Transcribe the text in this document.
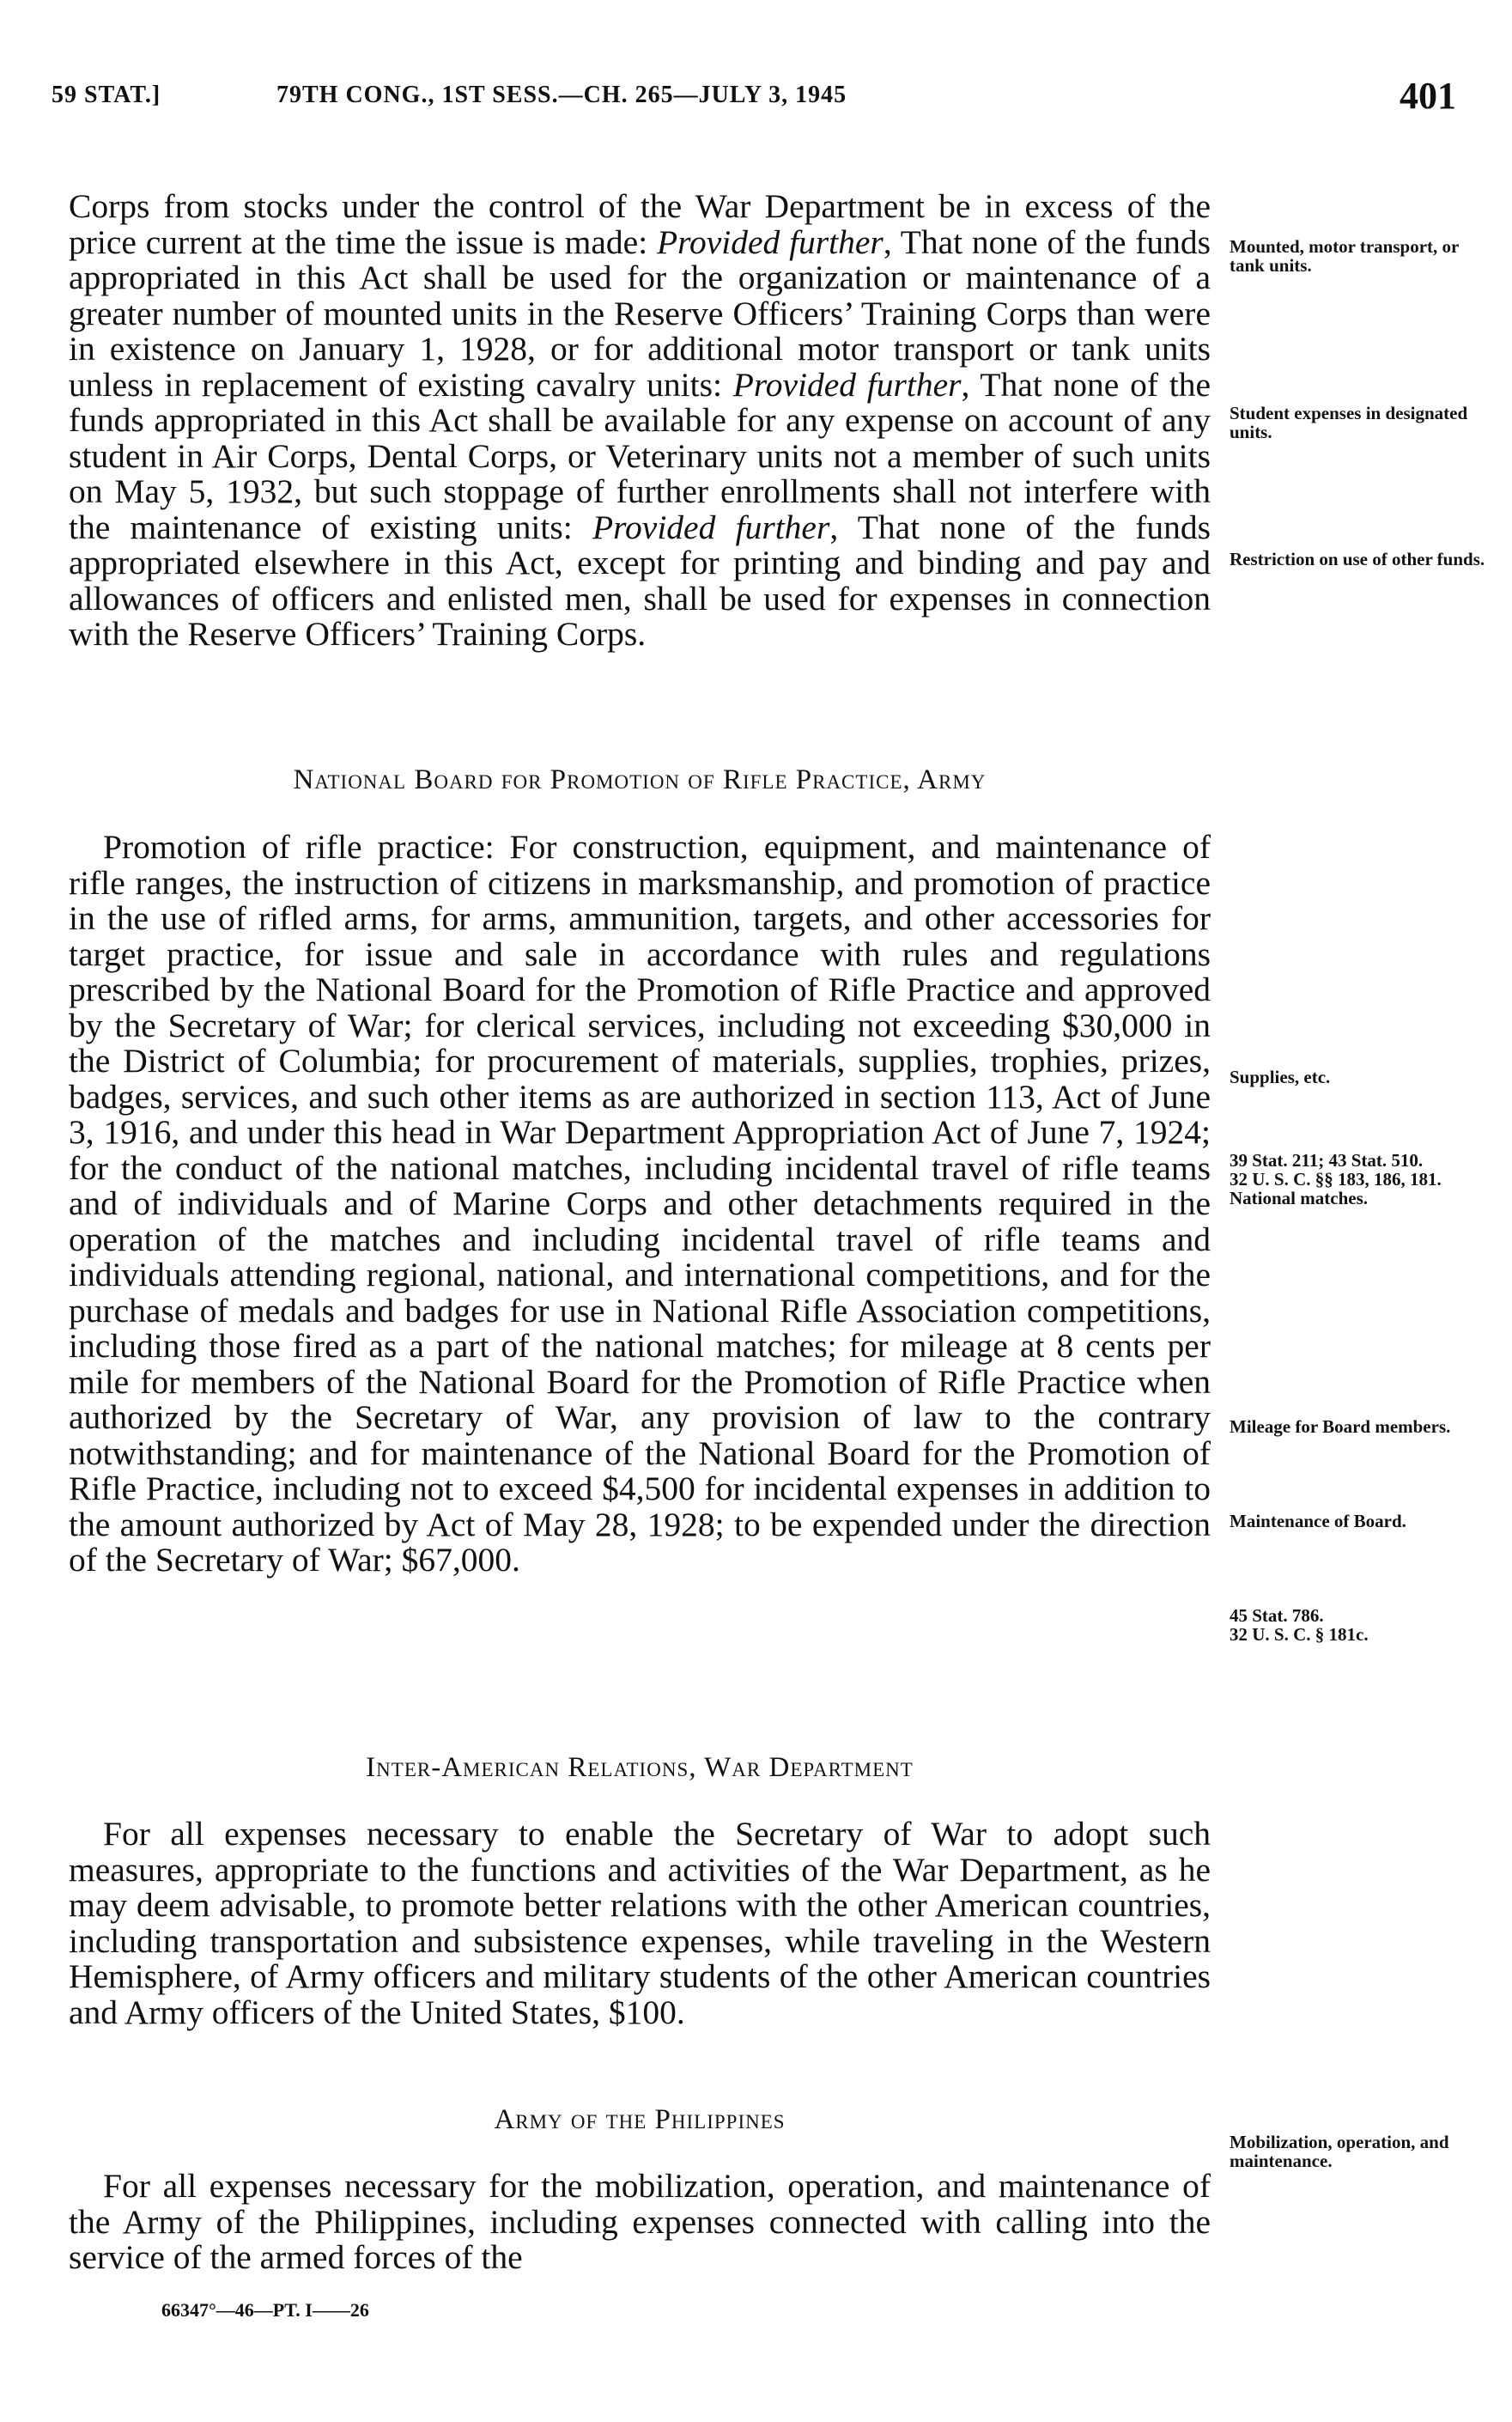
59 STAT.]	79TH CONG., 1ST SESS.—CH. 265—JULY 3, 1945	401

Corps from stocks under the control of the War Department be in excess of the price current at the time the issue is made: Provided further, That none of the funds appropriated in this Act shall be used for the organization or maintenance of a greater number of mounted units in the Reserve Officers’ Training Corps than were in existence on January 1, 1928, or for additional motor transport or tank units unless in replacement of existing cavalry units: Provided further, That none of the funds appropriated in this Act shall be available for any expense on account of any student in Air Corps, Dental Corps, or Veterinary units not a member of such units on May 5, 1932, but such stoppage of further enrollments shall not interfere with the maintenance of existing units: Provided further, That none of the funds appropriated elsewhere in this Act, except for printing and binding and pay and allowances of officers and enlisted men, shall be used for expenses in connection with the Reserve Officers’ Training Corps.

National Board for Promotion of Rifle Practice, Army

Promotion of rifle practice: For construction, equipment, and maintenance of rifle ranges, the instruction of citizens in marksmanship, and promotion of practice in the use of rifled arms, for arms, ammunition, targets, and other accessories for target practice, for issue and sale in accordance with rules and regulations prescribed by the National Board for the Promotion of Rifle Practice and approved by the Secretary of War; for clerical services, including not exceeding $30,000 in the District of Columbia; for procurement of materials, supplies, trophies, prizes, badges, services, and such other items as are authorized in section 113, Act of June 3, 1916, and under this head in War Department Appropriation Act of June 7, 1924; for the conduct of the national matches, including incidental travel of rifle teams and of individuals and of Marine Corps and other detachments required in the operation of the matches and including incidental travel of rifle teams and individuals attending regional, national, and international competitions, and for the purchase of medals and badges for use in National Rifle Association competitions, including those fired as a part of the national matches; for mileage at 8 cents per mile for members of the National Board for the Promotion of Rifle Practice when authorized by the Secretary of War, any provision of law to the contrary notwithstanding; and for maintenance of the National Board for the Promotion of Rifle Practice, including not to exceed $4,500 for incidental expenses in addition to the amount authorized by Act of May 28, 1928; to be expended under the direction of the Secretary of War; $67,000.

Inter-American Relations, War Department

For all expenses necessary to enable the Secretary of War to adopt such measures, appropriate to the functions and activities of the War Department, as he may deem advisable, to promote better relations with the other American countries, including transportation and subsistence expenses, while traveling in the Western Hemisphere, of Army officers and military students of the other American countries and Army officers of the United States, $100.

Army of the Philippines

For all expenses necessary for the mobilization, operation, and maintenance of the Army of the Philippines, including expenses connected with calling into the service of the armed forces of the

Mounted, motor transport, or tank units.

Student expenses in designated units.

Restriction on use of other funds.

Supplies, etc.

39 Stat. 211; 43 Stat. 510.

32 U. S. C. §§ 183, 186, 181.

National matches.

Mileage for Board members.

Maintenance of Board.

45 Stat. 786.

32 U. S. C. § 181c.

Mobilization, operation, and maintenance.

66347°—46—PT. I——26
